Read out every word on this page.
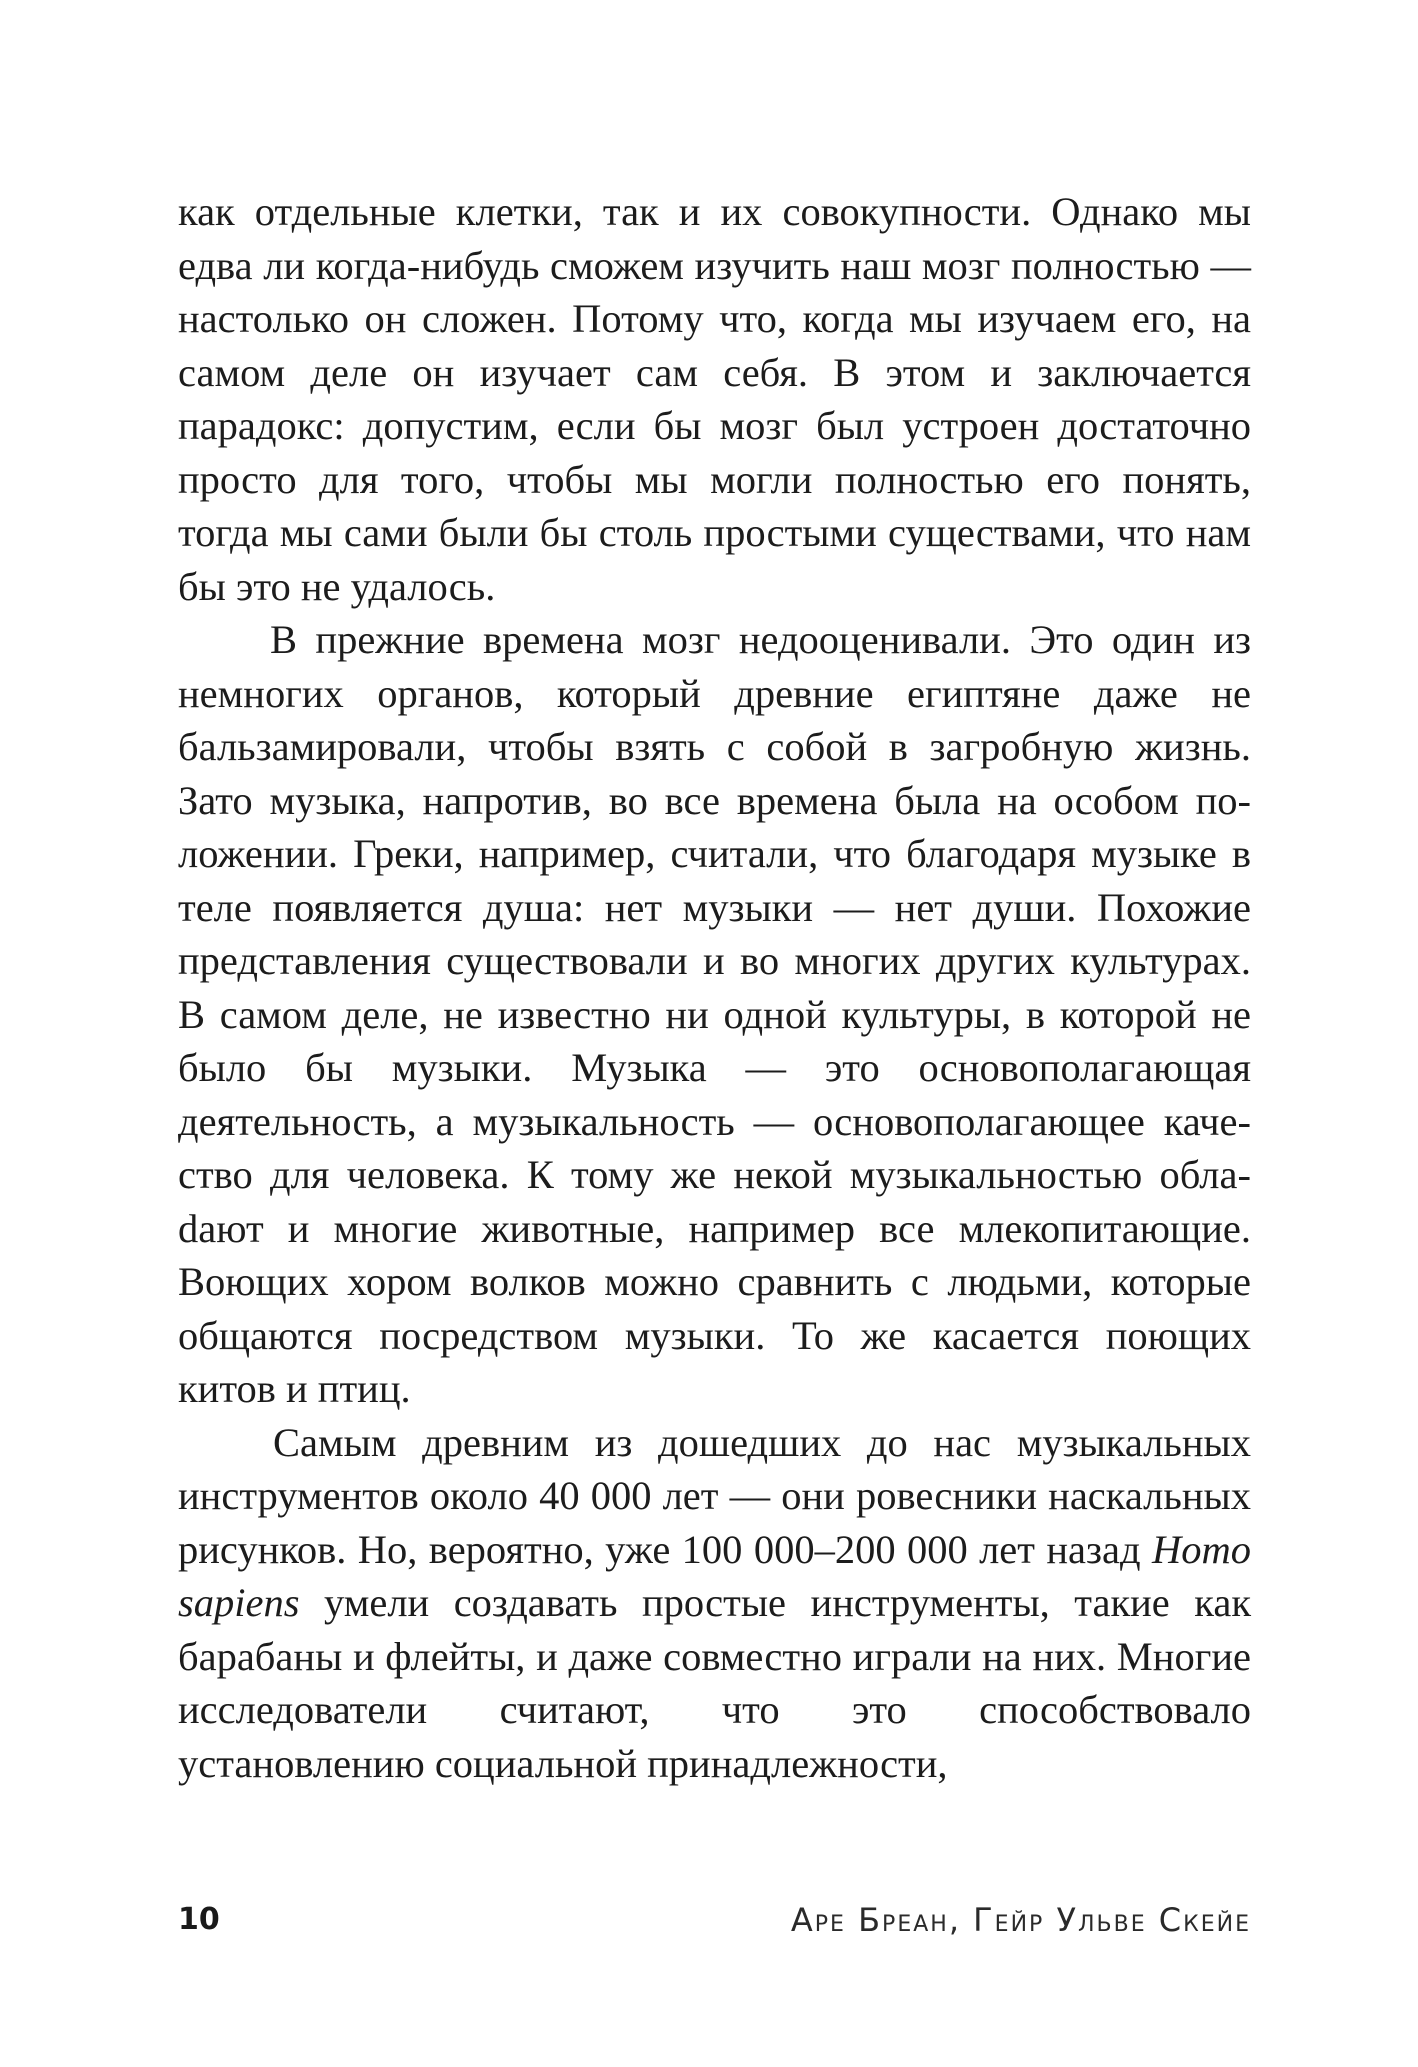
как отдельные клетки, так и их совокупности. Однако мы едва ли когда-нибудь сможем изучить наш мозг полностью — настолько он сложен. Потому что, когда мы изучаем его, на самом деле он изучает сам себя. В этом и заключается парадокс: допустим, если бы мозг был устроен достаточно просто для того, чтобы мы могли полностью его понять, тогда мы сами были бы столь простыми существами, что нам бы это не удалось.

В прежние времена мозг недооценивали. Это один из немногих органов, который древние египтяне даже не бальзамировали, чтобы взять с собой в загробную жизнь. Зато музыка, напротив, во все времена была на особом положении. Греки, например, считали, что благодаря музыке в теле появляется душа: нет музыки — нет души. Похожие представления существовали и во многих других культурах. В самом деле, не известно ни одной культуры, в которой не было бы музыки. Музыка — это основополагающая деятельность, а музыкальность — основополагающее качество для человека. К тому же некой музыкальностью облаdают и многие животные, например все млекопитающие. Воющих хором волков можно сравнить с людьми, которые общаются посредством музыки. То же касается поющих китов и птиц.

Самым древним из дошедших до нас музыкальных инструментов около 40 000 лет — они ровесники наскальных рисунков. Но, вероятно, уже 100 000–200 000 лет назад Homo sapiens умели создавать простые инструменты, такие как барабаны и флейты, и даже совместно играли на них. Многие исследователи считают, что это способствовало установлению социальной принадлежности,

10	Аре Бреан, Гейр Ульве Скейе
